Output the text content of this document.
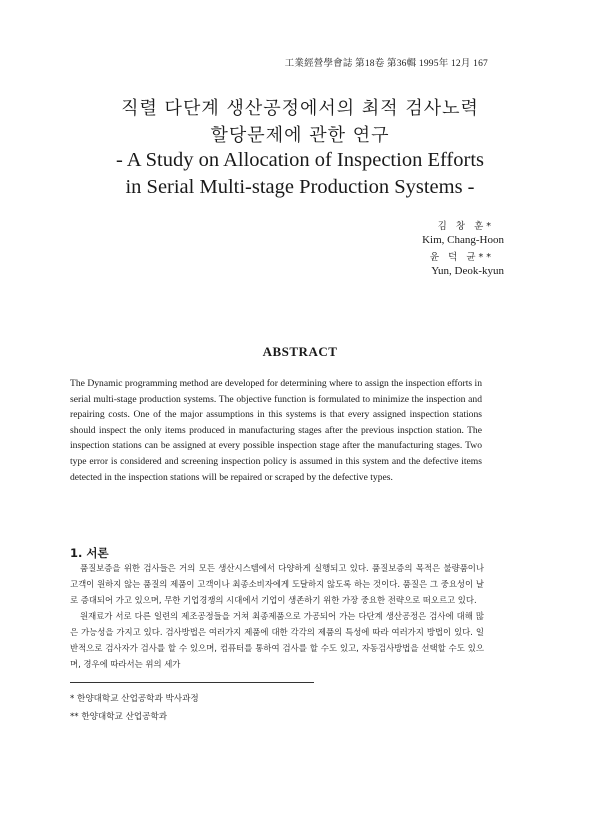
工業經營學會誌 第18卷 第36輯 1995年 12月 167
직렬 다단계 생산공정에서의 최적 검사노력
할당문제에 관한 연구
- A Study on Allocation of Inspection Efforts
in Serial Multi-stage Production Systems -
김 창 훈*
Kim, Chang-Hoon
윤 덕 균**
Yun, Deok-kyun
ABSTRACT
The Dynamic programming method are developed for determining where to assign the inspection efforts in serial multi-stage production systems. The objective function is formulated to minimize the inspection and repairing costs. One of the major assumptions in this systems is that every assigned inspection stations should inspect the only items produced in manufacturing stages after the previous inspction station. The inspection stations can be assigned at every possible inspection stage after the manufacturing stages. Two type error is considered and screening inspection policy is assumed in this system and the defective items detected in the inspection stations will be repaired or scraped by the defective types.
1. 서론

품질보증을 위한 검사들은 거의 모든 생산시스템에서 다양하게 실행되고 있다. 품질보증의 목적은 불량품이나 고객이 원하지 않는 품질의 제품이 고객이나 최종소비자에게 도달하지 않도록 하는 것이다. 품질은 그 중요성이 날로 증대되어 가고 있으며, 무한 기업경쟁의 시대에서 기업이 생존하기 위한 가장 중요한 전략으로 떠오르고 있다.

원재료가 서로 다른 일련의 제조공정들을 거쳐 최종제품으로 가공되어 가는 다단계 생산공정은 검사에 대해 많은 가능성을 가지고 있다. 검사방법은 여러가지 제품에 대한 각각의 제품의 특성에 따라 여러가지 방법이 있다. 일반적으로 검사자가 검사를 할 수 있으며, 컴퓨터를 통하여 검사를 할 수도 있고, 자동검사방법을 선택할 수도 있으며, 경우에 따라서는 위의 세가

* 한양대학교 산업공학과 박사과정
** 한양대학교 산업공학과
